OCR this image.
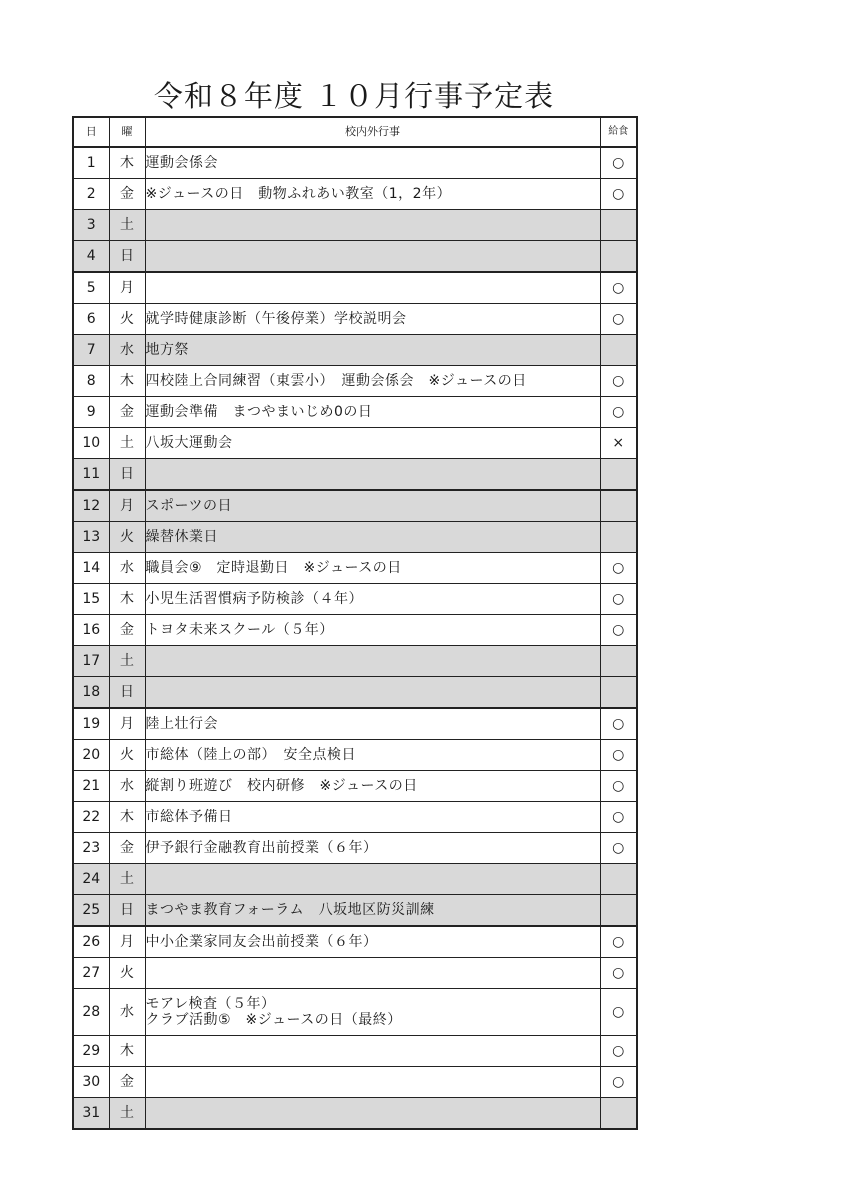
令和８年度 １０月行事予定表
日	曜	校内外行事	給食
1	木	運動会係会	○
2	金	※ジュースの日　動物ふれあい教室（1，2年）	○
3	土		
4	日		
5	月		○
6	火	就学時健康診断（午後停業）学校説明会	○
7	水	地方祭	

8	木	四校陸上合同練習（東雲小）　運動会係会　※ジュースの日	○
9	金	運動会準備　まつやまいじめ0の日	○
10	土	八坂大運動会	×
11	日		
12	月	スポーツの日	

13	火	繰替休業日	

14	水	職員会⑨　定時退勤日　※ジュースの日	○
15	木	小児生活習慣病予防検診（４年）	○
16	金	トヨタ未来スクール（５年）	○
17	土		
18	日		
19	月	陸上壮行会	○
20	火	市総体（陸上の部）　安全点検日	○
21	水	縦割り班遊び　校内研修　※ジュースの日	○
22	木	市総体予備日	○
23	金	伊予銀行金融教育出前授業（６年）	○
24	土		
25	日	まつやま教育フォーラム　八坂地区防災訓練	

26	月	中小企業家同友会出前授業（６年）	○
27	火		○
28	水	モアレ検査（５年）
クラブ活動⑤　※ジュースの日（最終）	○
29	木		○
30	金		○
31	土		
